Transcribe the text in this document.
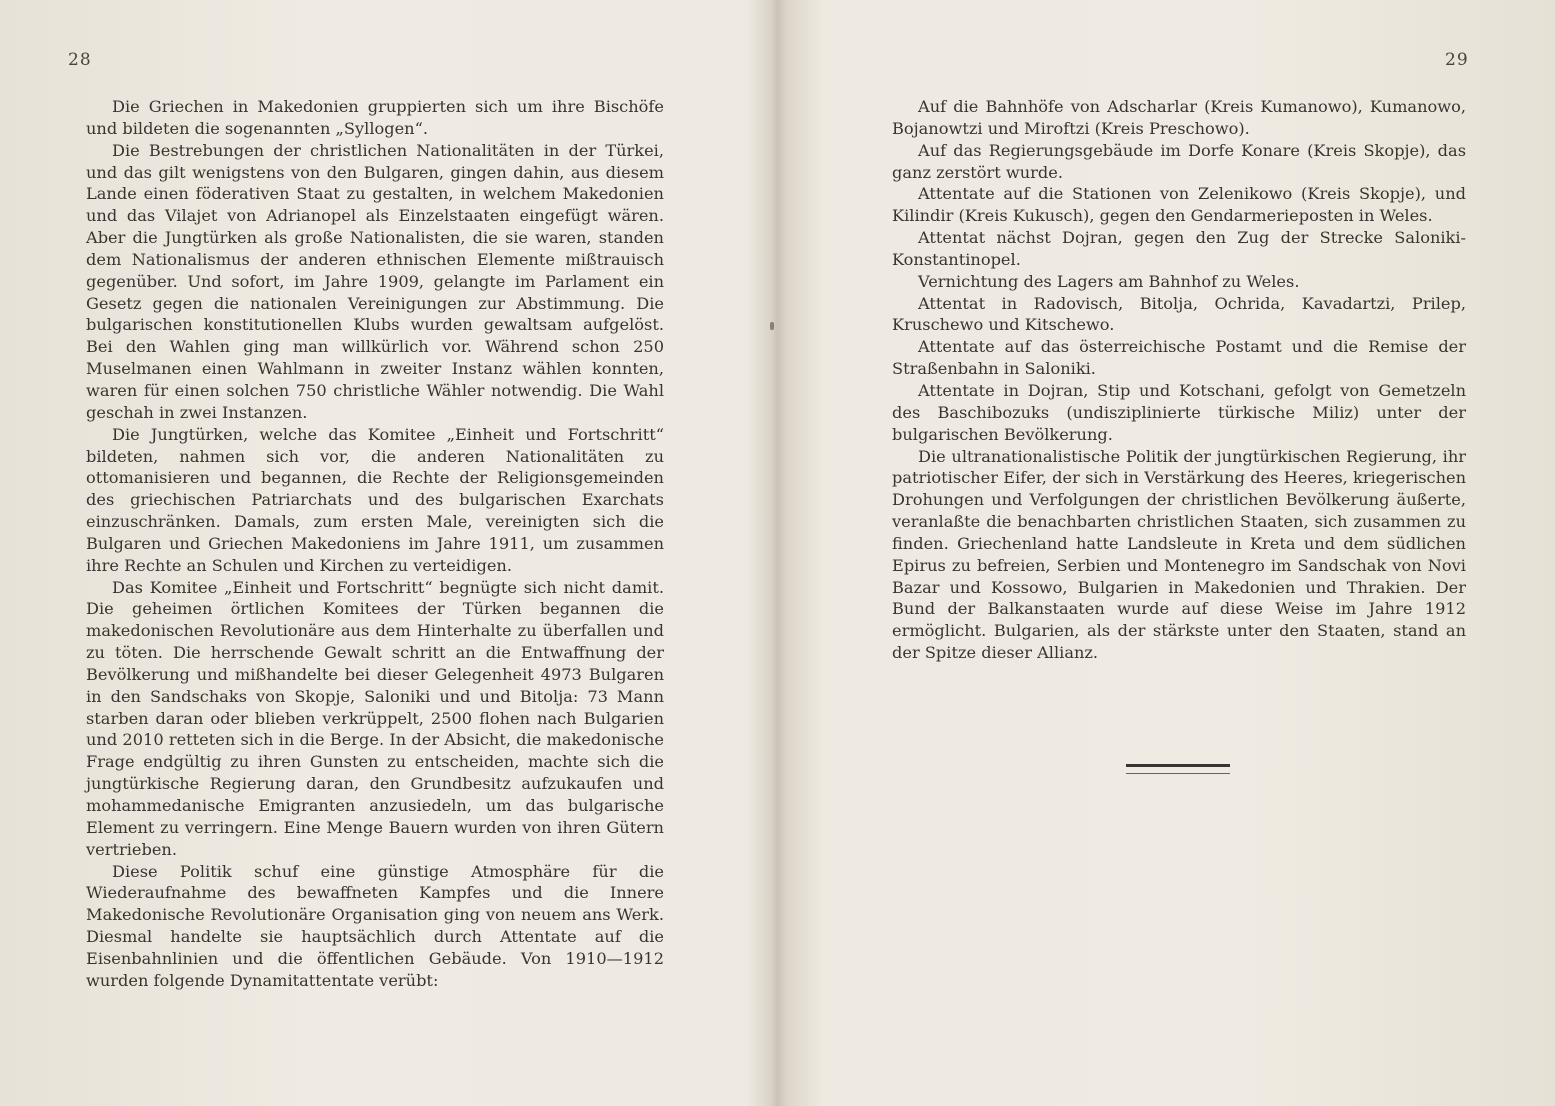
28

Die Griechen in Makedonien gruppierten sich um ihre Bischöfe und bildeten die sogenannten „Syllogen“.

Die Bestrebungen der christlichen Nationalitäten in der Türkei, und das gilt wenigstens von den Bulgaren, gingen dahin, aus diesem Lande einen föderativen Staat zu gestalten, in welchem Makedonien und das Vilajet von Adrianopel als Einzelstaaten eingefügt wären. Aber die Jungtürken als große Nationalisten, die sie waren, standen dem Nationalismus der anderen ethnischen Elemente mißtrauisch gegenüber. Und sofort, im Jahre 1909, gelangte im Parlament ein Gesetz gegen die nationalen Vereinigungen zur Abstimmung. Die bulgarischen konstitutionellen Klubs wurden gewaltsam aufgelöst. Bei den Wahlen ging man willkürlich vor. Während schon 250 Muselmanen einen Wahlmann in zweiter Instanz wählen konnten, waren für einen solchen 750 christliche Wähler notwendig. Die Wahl geschah in zwei Instanzen.

Die Jungtürken, welche das Komitee „Einheit und Fortschritt“ bildeten, nahmen sich vor, die anderen Nationalitäten zu ottomanisieren und begannen, die Rechte der Religionsgemeinden des griechischen Patriarchats und des bulgarischen Exarchats einzuschränken. Damals, zum ersten Male, vereinigten sich die Bulgaren und Griechen Makedoniens im Jahre 1911, um zusammen ihre Rechte an Schulen und Kirchen zu verteidigen.

Das Komitee „Einheit und Fortschritt“ begnügte sich nicht damit. Die geheimen örtlichen Komitees der Türken begannen die makedonischen Revolutionäre aus dem Hinterhalte zu überfallen und zu töten. Die herrschende Gewalt schritt an die Entwaffnung der Bevölkerung und mißhandelte bei dieser Gelegenheit 4973 Bulgaren in den Sandschaks von Skopje, Saloniki und und Bitolja: 73 Mann starben daran oder blieben verkrüppelt, 2500 flohen nach Bulgarien und 2010 retteten sich in die Berge. In der Absicht, die makedonische Frage endgültig zu ihren Gunsten zu entscheiden, machte sich die jungtürkische Regierung daran, den Grundbesitz aufzukaufen und mohammedanische Emigranten anzusiedeln, um das bulgarische Element zu verringern. Eine Menge Bauern wurden von ihren Gütern vertrieben.

Diese Politik schuf eine günstige Atmosphäre für die Wiederaufnahme des bewaffneten Kampfes und die Innere Makedonische Revolutionäre Organisation ging von neuem ans Werk. Diesmal handelte sie hauptsächlich durch Attentate auf die Eisenbahnlinien und die öffentlichen Gebäude. Von 1910—1912 wurden folgende Dynamitattentate verübt:

29

Auf die Bahnhöfe von Adscharlar (Kreis Kumanowo), Kumanowo, Bojanowtzi und Miroftzi (Kreis Preschowo).

Auf das Regierungsgebäude im Dorfe Konare (Kreis Skopje), das ganz zerstört wurde.

Attentate auf die Stationen von Zelenikowo (Kreis Skopje), und Kilindir (Kreis Kukusch), gegen den Gendarmerieposten in Weles.

Attentat nächst Dojran, gegen den Zug der Strecke Saloniki-Konstantinopel.

Vernichtung des Lagers am Bahnhof zu Weles.

Attentat in Radovisch, Bitolja, Ochrida, Kavadartzi, Prilep, Kruschewo und Kitschewo.

Attentate auf das österreichische Postamt und die Remise der Straßenbahn in Saloniki.

Attentate in Dojran, Stip und Kotschani, gefolgt von Gemetzeln des Baschibozuks (undisziplinierte türkische Miliz) unter der bulgarischen Bevölkerung.

Die ultranationalistische Politik der jungtürkischen Regierung, ihr patriotischer Eifer, der sich in Verstärkung des Heeres, kriegerischen Drohungen und Verfolgungen der christlichen Bevölkerung äußerte, veranlaßte die benachbarten christlichen Staaten, sich zusammen zu finden. Griechenland hatte Landsleute in Kreta und dem südlichen Epirus zu befreien, Serbien und Montenegro im Sandschak von Novi Bazar und Kossowo, Bulgarien in Makedonien und Thrakien. Der Bund der Balkanstaaten wurde auf diese Weise im Jahre 1912 ermöglicht. Bulgarien, als der stärkste unter den Staaten, stand an der Spitze dieser Allianz.
